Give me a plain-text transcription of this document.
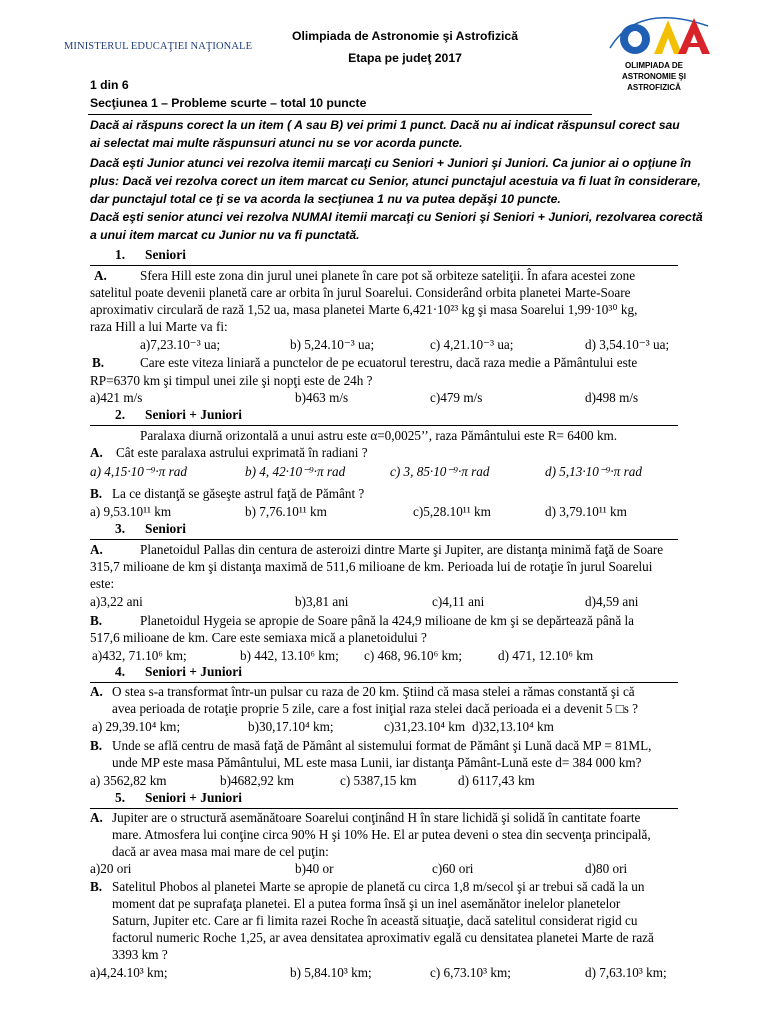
MINISTERUL EDUCAŢIEI NAŢIONALE
Olimpiada de Astronomie şi Astrofizică
Etapa pe judeţ 2017
OLIMPIADA DE
ASTRONOMIE ŞI
ASTROFIZICĂ
1 din 6
Secţiunea 1 – Probleme scurte – total 10 puncte
Dacă ai răspuns corect la un item ( A sau B) vei primi 1 punct. Dacă nu ai indicat răspunsul corect sau
ai selectat mai multe răspunsuri atunci nu se vor acorda puncte.
Dacă eşti Junior atunci vei rezolva itemii marcaţi cu Seniori + Juniori şi Juniori. Ca junior ai o opţiune în
plus: Dacă vei rezolva corect un item marcat cu Senior, atunci punctajul acestuia va fi luat în considerare,
dar punctajul total ce ţi se va acorda la secţiunea 1 nu va putea depăşi 10 puncte.
Dacă eşti senior atunci vei rezolva NUMAI itemii marcaţi cu Seniori şi Seniori + Juniori, rezolvarea corectă
a unui item marcat cu Junior nu va fi punctată.
1. Seniori
A.	Sfera Hill este zona din jurul unei planete în care pot să orbiteze sateliţii. În afara acestei zone
satelitul poate devenii planetă care ar orbita în jurul Soarelui. Considerând orbita planetei Marte-Soare
aproximativ circulară de rază 1,52 ua, masa planetei Marte 6,421·10²³ kg şi masa Soarelui 1,99·10³⁰ kg,
raza Hill a lui Marte va fi:
a)7,23.10⁻³ ua;	b) 5,24.10⁻³ ua;	c) 4,21.10⁻³ ua;	d) 3,54.10⁻³ ua;
B.	Care este viteza liniară a punctelor de pe ecuatorul terestru, dacă raza medie a Pământului este
RP=6370 km şi timpul unei zile şi nopţi este de 24h ?
a)421 m/s	b)463 m/s	c)479 m/s	d)498 m/s
2. Seniori + Juniori
Paralaxa diurnă orizontală a unui astru este α=0,0025’’, raza Pământului este R= 6400 km.
A. Cât este paralaxa astrului exprimată în radiani ?
a) 4,15·10⁻⁹·π rad	b) 4, 42·10⁻⁹·π rad	c) 3, 85·10⁻⁹·π rad	d) 5,13·10⁻⁹·π rad
B. La ce distanţă se găseşte astrul faţă de Pământ ?
a) 9,53.10¹¹ km	b) 7,76.10¹¹ km	c)5,28.10¹¹ km	d) 3,79.10¹¹ km
3. Seniori
A.	Planetoidul Pallas din centura de asteroizi dintre Marte şi Jupiter, are distanţa minimă faţă de Soare
315,7 milioane de km şi distanţa maximă de 511,6 milioane de km. Perioada lui de rotaţie în jurul Soarelui
este:
a)3,22 ani	b)3,81 ani	c)4,11 ani	d)4,59 ani
B.	Planetoidul Hygeia se apropie de Soare până la 424,9 milioane de km şi se depărtează până la
517,6 milioane de km. Care este semiaxa mică a planetoidului ?
a)432, 71.10⁶ km;	b) 442, 13.10⁶ km; c) 468, 96.10⁶ km;	d) 471, 12.10⁶ km
4. Seniori + Juniori
A. O stea s-a transformat într-un pulsar cu raza de 20 km. Ştiind că masa stelei a rămas constantă şi că
avea perioada de rotaţie proprie 5 zile, care a fost iniţial raza stelei dacă perioada ei a devenit 5 □s ?
a) 29,39.10⁴ km;	b)30,17.10⁴ km;	c)31,23.10⁴ km d)32,13.10⁴ km
B. Unde se află centru de masă faţă de Pământ al sistemului format de Pământ şi Lună dacă MP = 81ML,
unde MP este masa Pământului, ML este masa Lunii, iar distanţa Pământ-Lună este d= 384 000 km?
a) 3562,82 km	b)4682,92 km	c) 5387,15 km	d) 6117,43 km
5. Seniori + Juniori
A. Jupiter are o structură asemănătoare Soarelui conţinând H în stare lichidă şi solidă în cantitate foarte
mare. Atmosfera lui conţine circa 90% H şi 10% He. El ar putea deveni o stea din secvenţa principală,
dacă ar avea masa mai mare de cel puţin:
a)20 ori	b)40 or	c)60 ori	d)80 ori
B. Satelitul Phobos al planetei Marte se apropie de planetă cu circa 1,8 m/secol şi ar trebui să cadă la un
moment dat pe suprafaţa planetei. El a putea forma însă şi un inel asemănător inelelor planetelor
Saturn, Jupiter etc. Care ar fi limita razei Roche în această situaţie, dacă satelitul considerat rigid cu
factorul numeric Roche 1,25, ar avea densitatea aproximativ egală cu densitatea planetei Marte de rază
3393 km ?
a)4,24.10³ km;	b) 5,84.10³ km;	c) 6,73.10³ km;	d) 7,63.10³ km;
